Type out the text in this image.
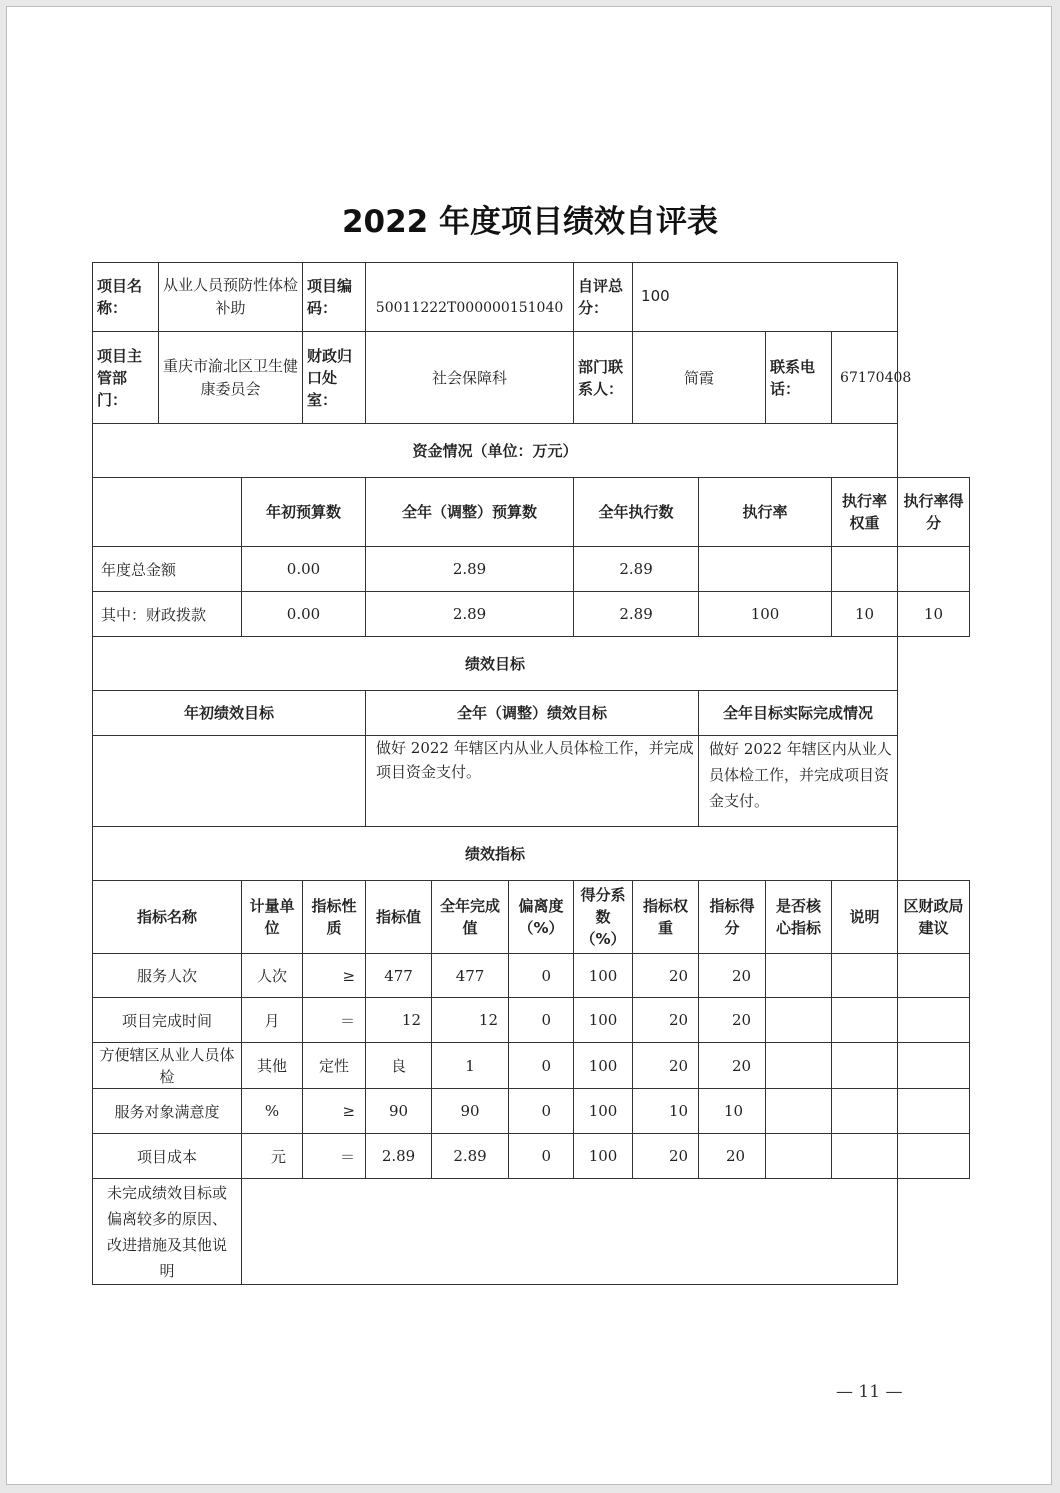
2022 年度项目绩效自评表
项目名称：	从业人员预防性体检补助		项目编码：	50011222T000000151040			自评总分：	100				
项目主管部门：	重庆市渝北区卫生健康委员会		财政归口处室：	社会保障科			部门联系人：	简霞		联系电话：	67170408	
资金情况（单位：万元）												
		年初预算数		全年（调整）预算数			全年执行数		执行率		执行率权重	执行率得分
年度总金额		0.00		2.89			2.89					
其中：财政拨款		0.00		2.89			2.89		100		10	10
绩效目标												
年初绩效目标				全年（调整）绩效目标					全年目标实际完成情况			
				做好 2022 年辖区内从业人员体检工作，并完成项目资金支付。					做好 2022 年辖区内从业人员体检工作，并完成项目资金支付。			
绩效指标												
指标名称		计量单位	指标性质	指标值	全年完成值	偏离度（%）	得分系数（%）	指标权重	指标得分	是否核心指标	说明	区财政局建议
服务人次		人次	≥	477	477	0	100	20	20			
项目完成时间		月	＝	12	12	0	100	20	20			
方便辖区从业人员体检		其他	定性	良	1	0	100	20	20			
服务对象满意度		%	≥	90	90	0	100	10	10			
项目成本		元	＝	2.89	2.89	0	100	20	20			
未完成绩效目标或偏离较多的原因、改进措施及其他说明												
— 11 —
